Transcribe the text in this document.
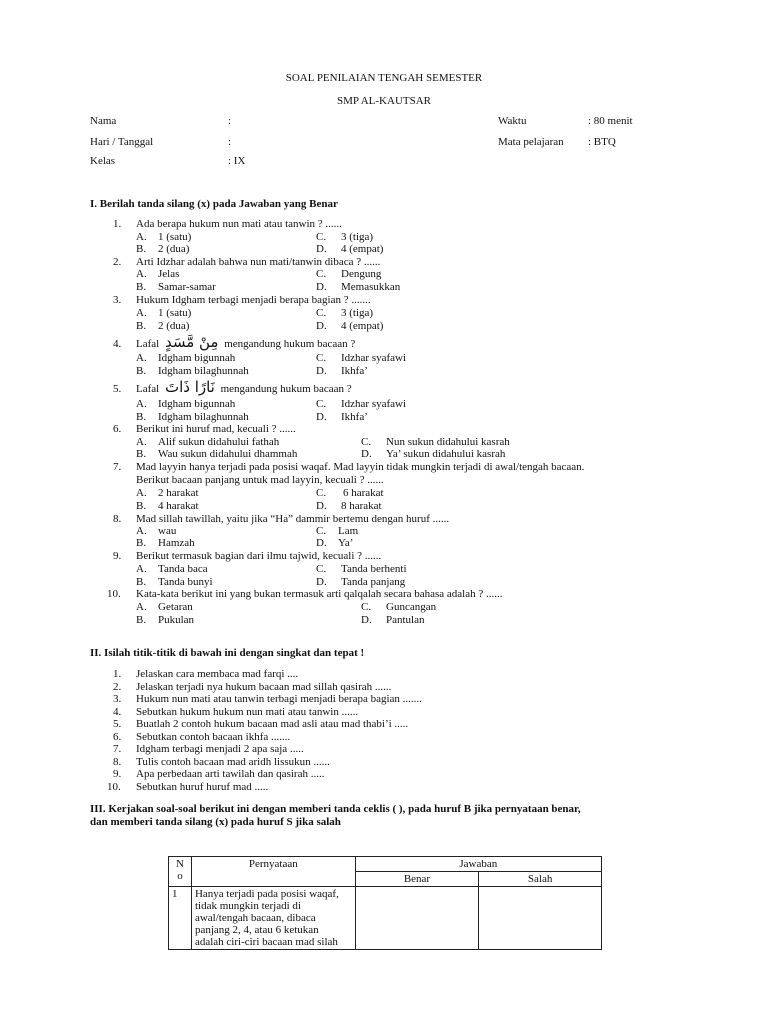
SOAL PENILAIAN TENGAH SEMESTER
SMP AL-KAUTSAR
Nama	:	Waktu	: 80 menit
Hari / Tanggal	:	Mata pelajaran : BTQ
Kelas	: IX
I. Berilah tanda silang (x) pada Jawaban yang Benar
1. Ada berapa hukum nun mati atau tanwin ? ......
A. 1 (satu)	C. 3 (tiga)
B. 2 (dua)	D. 4 (empat)
2. Arti Idzhar adalah bahwa nun mati/tanwin dibaca ? ......
A. Jelas	C. Dengung
B. Samar-samar	D. Memasukkan
3. Hukum Idgham terbagi menjadi berapa bagian ? .......
A. 1 (satu)	C. 3 (tiga)
B. 2 (dua)	D. 4 (empat)
4. Lafal مِنْ مَّسَدٍ mengandung hukum bacaan ?
A. Idgham bigunnah	C. Idzhar syafawi
B. Idgham bilaghunnah	D. Ikhfa’
5. Lafal نَارًا ذَاتَ mengandung hukum bacaan ?
A. Idgham bigunnah	C. Idzhar syafawi
B. Idgham bilaghunnah	D. Ikhfa’
6. Berikut ini huruf mad, kecuali ? ......
A. Alif sukun didahului fathah	C. Nun sukun didahului kasrah
B. Wau sukun didahului dhammah	D. Ya’ sukun didahului kasrah
7. Mad layyin hanya terjadi pada posisi waqaf. Mad layyin tidak mungkin terjadi di awal/tengah bacaan.
Berikut bacaan panjang untuk mad layyin, kecuali ? ......
A. 2 harakat	C. 6 harakat
B. 4 harakat	D. 8 harakat
8. Mad sillah tawillah, yaitu jika “Ha” dammir bertemu dengan huruf ......
A. wau	C. Lam
B. Hamzah	D. Ya’
9. Berikut termasuk bagian dari ilmu tajwid, kecuali ? ......
A. Tanda baca	C. Tanda berhenti
B. Tanda bunyi	D. Tanda panjang
10. Kata-kata berikut ini yang bukan termasuk arti qalqalah secara bahasa adalah ? ......
A. Getaran	C. Guncangan
B. Pukulan	D. Pantulan
II. Isilah titik-titik di bawah ini dengan singkat dan tepat !
1. Jelaskan cara membaca mad farqi ....
2. Jelaskan terjadi nya hukum bacaan mad sillah qasirah ......
3. Hukum nun mati atau tanwin terbagi menjadi berapa bagian .......
4. Sebutkan hukum hukum nun mati atau tanwin ......
5. Buatlah 2 contoh hukum bacaan mad asli atau mad thabi’i .....
6. Sebutkan contoh bacaan ikhfa .......
7. Idgham terbagi menjadi 2 apa saja .....
8. Tulis contoh bacaan mad aridh lissukun ......
9. Apa perbedaan arti tawilah dan qasirah .....
10. Sebutkan huruf huruf mad .....
III. Kerjakan soal-soal berikut ini dengan memberi tanda ceklis ( ), pada huruf B jika pernyataan benar,
dan memberi tanda silang (x) pada huruf S jika salah
N
o	Pernyataan	Jawaban	
		Benar	Salah
1	Hanya terjadi pada posisi waqaf,
tidak mungkin terjadi di
awal/tengah bacaan, dibaca
panjang 2, 4, atau 6 ketukan
adalah ciri-ciri bacaan mad silah		
